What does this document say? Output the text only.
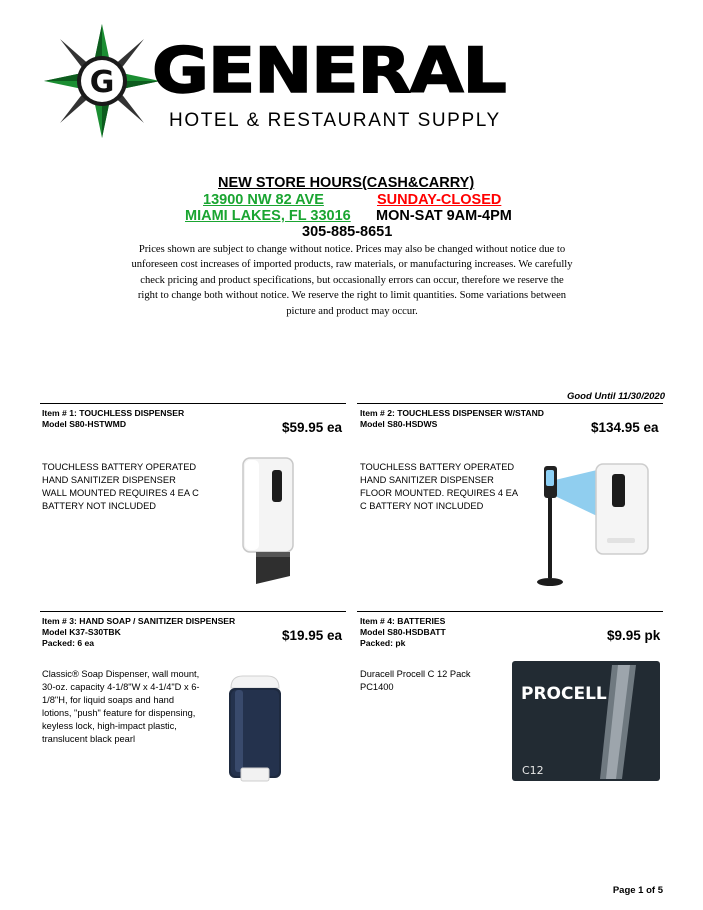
G GENERAL
HOTEL & RESTAURANT SUPPLY
NEW STORE HOURS(CASH&CARRY)
13900 NW 82 AVE	SUNDAY-CLOSED
MIAMI LAKES, FL 33016	MON-SAT 9AM-4PM
305-885-8651
Prices shown are subject to change without notice. Prices may also be changed without notice due to unforeseen cost increases of imported products, raw materials, or manufacturing increases. We carefully check pricing and product specifications, but occasionally errors can occur, therefore we reserve the right to change both without notice. We reserve the right to limit quantities. Some variations between picture and product may occur.
Good Until 11/30/2020
Item # 1: TOUCHLESS DISPENSER
Model S80-HSTWMD	$59.95 ea
TOUCHLESS BATTERY OPERATED HAND SANITIZER DISPENSER WALL MOUNTED REQUIRES 4 EA C BATTERY NOT INCLUDED
Item # 2: TOUCHLESS DISPENSER W/STAND
Model S80-HSDWS	$134.95 ea
TOUCHLESS BATTERY OPERATED HAND SANITIZER DISPENSER FLOOR MOUNTED. REQUIRES 4 EA C BATTERY NOT INCLUDED
Item # 3: HAND SOAP / SANITIZER DISPENSER
Model K37-S30TBK
Packed: 6 ea	$19.95 ea
Classic® Soap Dispenser, wall mount, 30-oz. capacity 4-1/8"W x 4-1/4"D x 6-1/8"H, for liquid soaps and hand lotions, "push" feature for dispensing, keyless lock, high-impact plastic, translucent black pearl
Item # 4: BATTERIES
Model S80-HSDBATT
Packed: pk	$9.95 pk
Duracell Procell C 12 Pack PC1400	PROCELL
C12
Page 1 of 5
